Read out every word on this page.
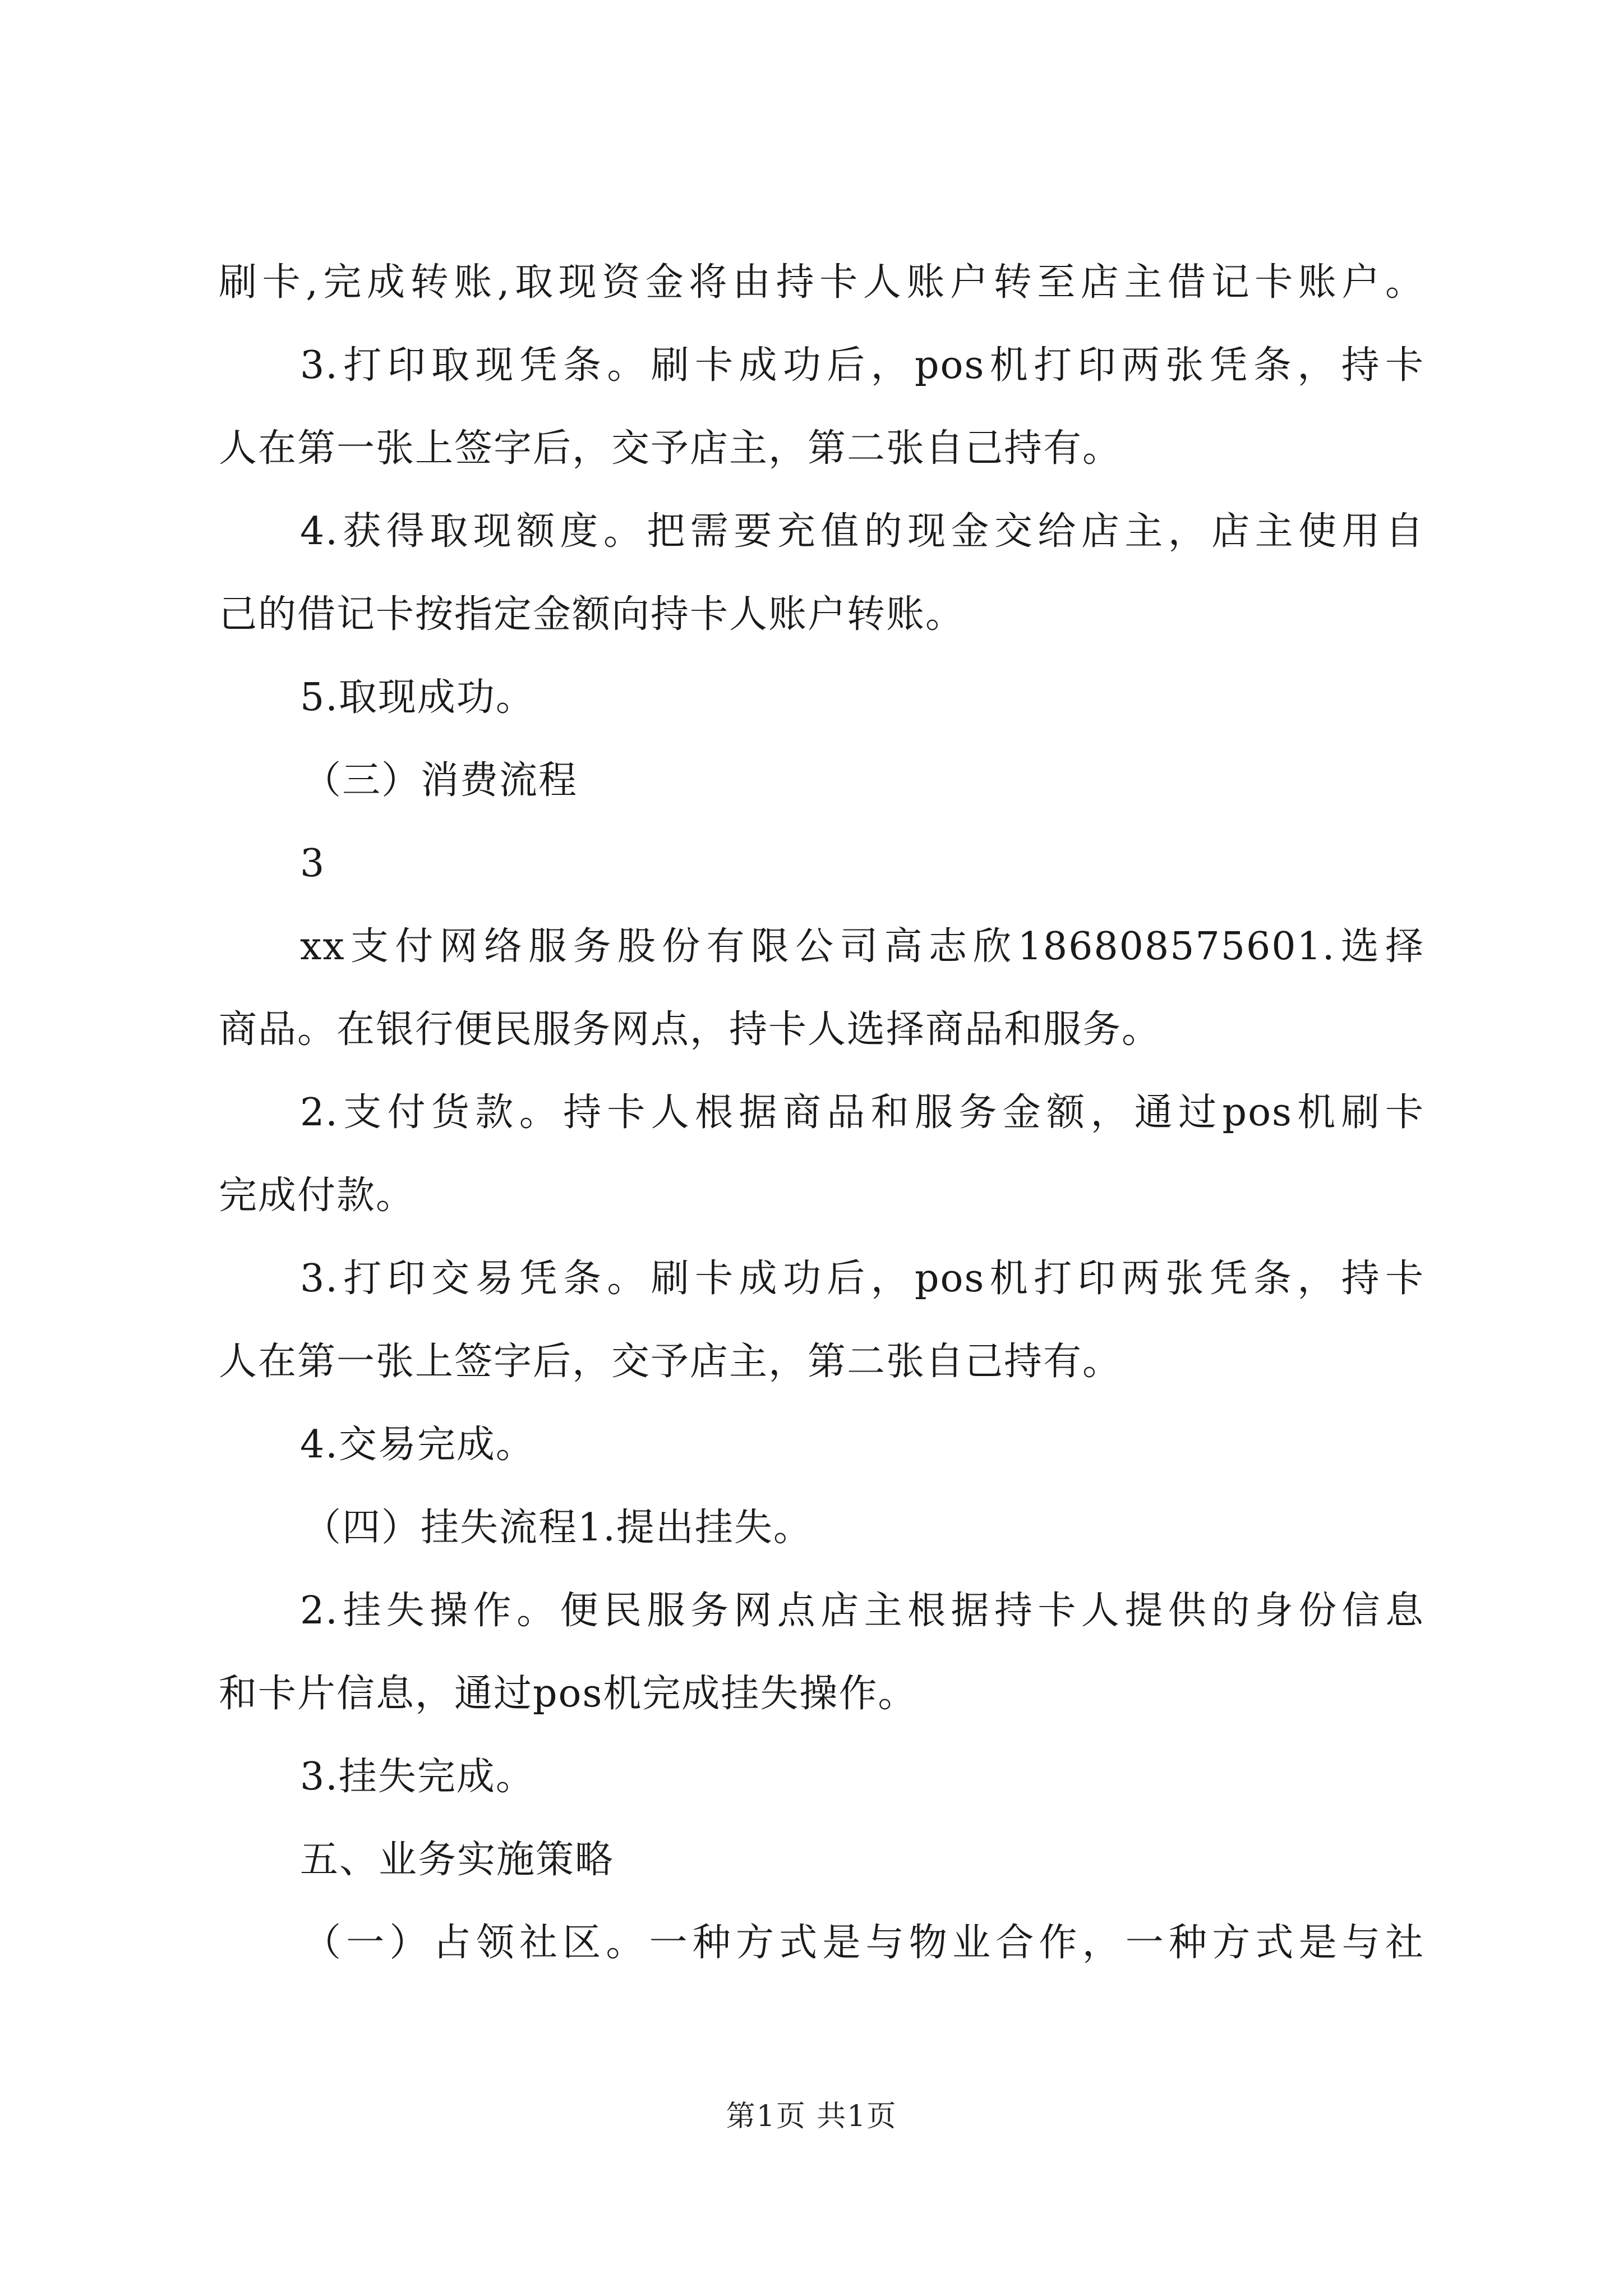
刷卡,完成转账,取现资金将由持卡人账户转至店主借记卡账户。
3.打印取现凭条。刷卡成功后，pos机打印两张凭条，持卡
人在第一张上签字后，交予店主，第二张自己持有。
4.获得取现额度。把需要充值的现金交给店主，店主使用自
己的借记卡按指定金额向持卡人账户转账。
5.取现成功。
（三）消费流程
3
xx支付网络服务股份有限公司高志欣186808575601.选择
商品。在银行便民服务网点，持卡人选择商品和服务。
2.支付货款。持卡人根据商品和服务金额，通过pos机刷卡
完成付款。
3.打印交易凭条。刷卡成功后，pos机打印两张凭条，持卡
人在第一张上签字后，交予店主，第二张自己持有。
4.交易完成。
（四）挂失流程1.提出挂失。
2.挂失操作。便民服务网点店主根据持卡人提供的身份信息
和卡片信息，通过pos机完成挂失操作。
3.挂失完成。
五、业务实施策略
（一）占领社区。一种方式是与物业合作，一种方式是与社
第1页 共1页
